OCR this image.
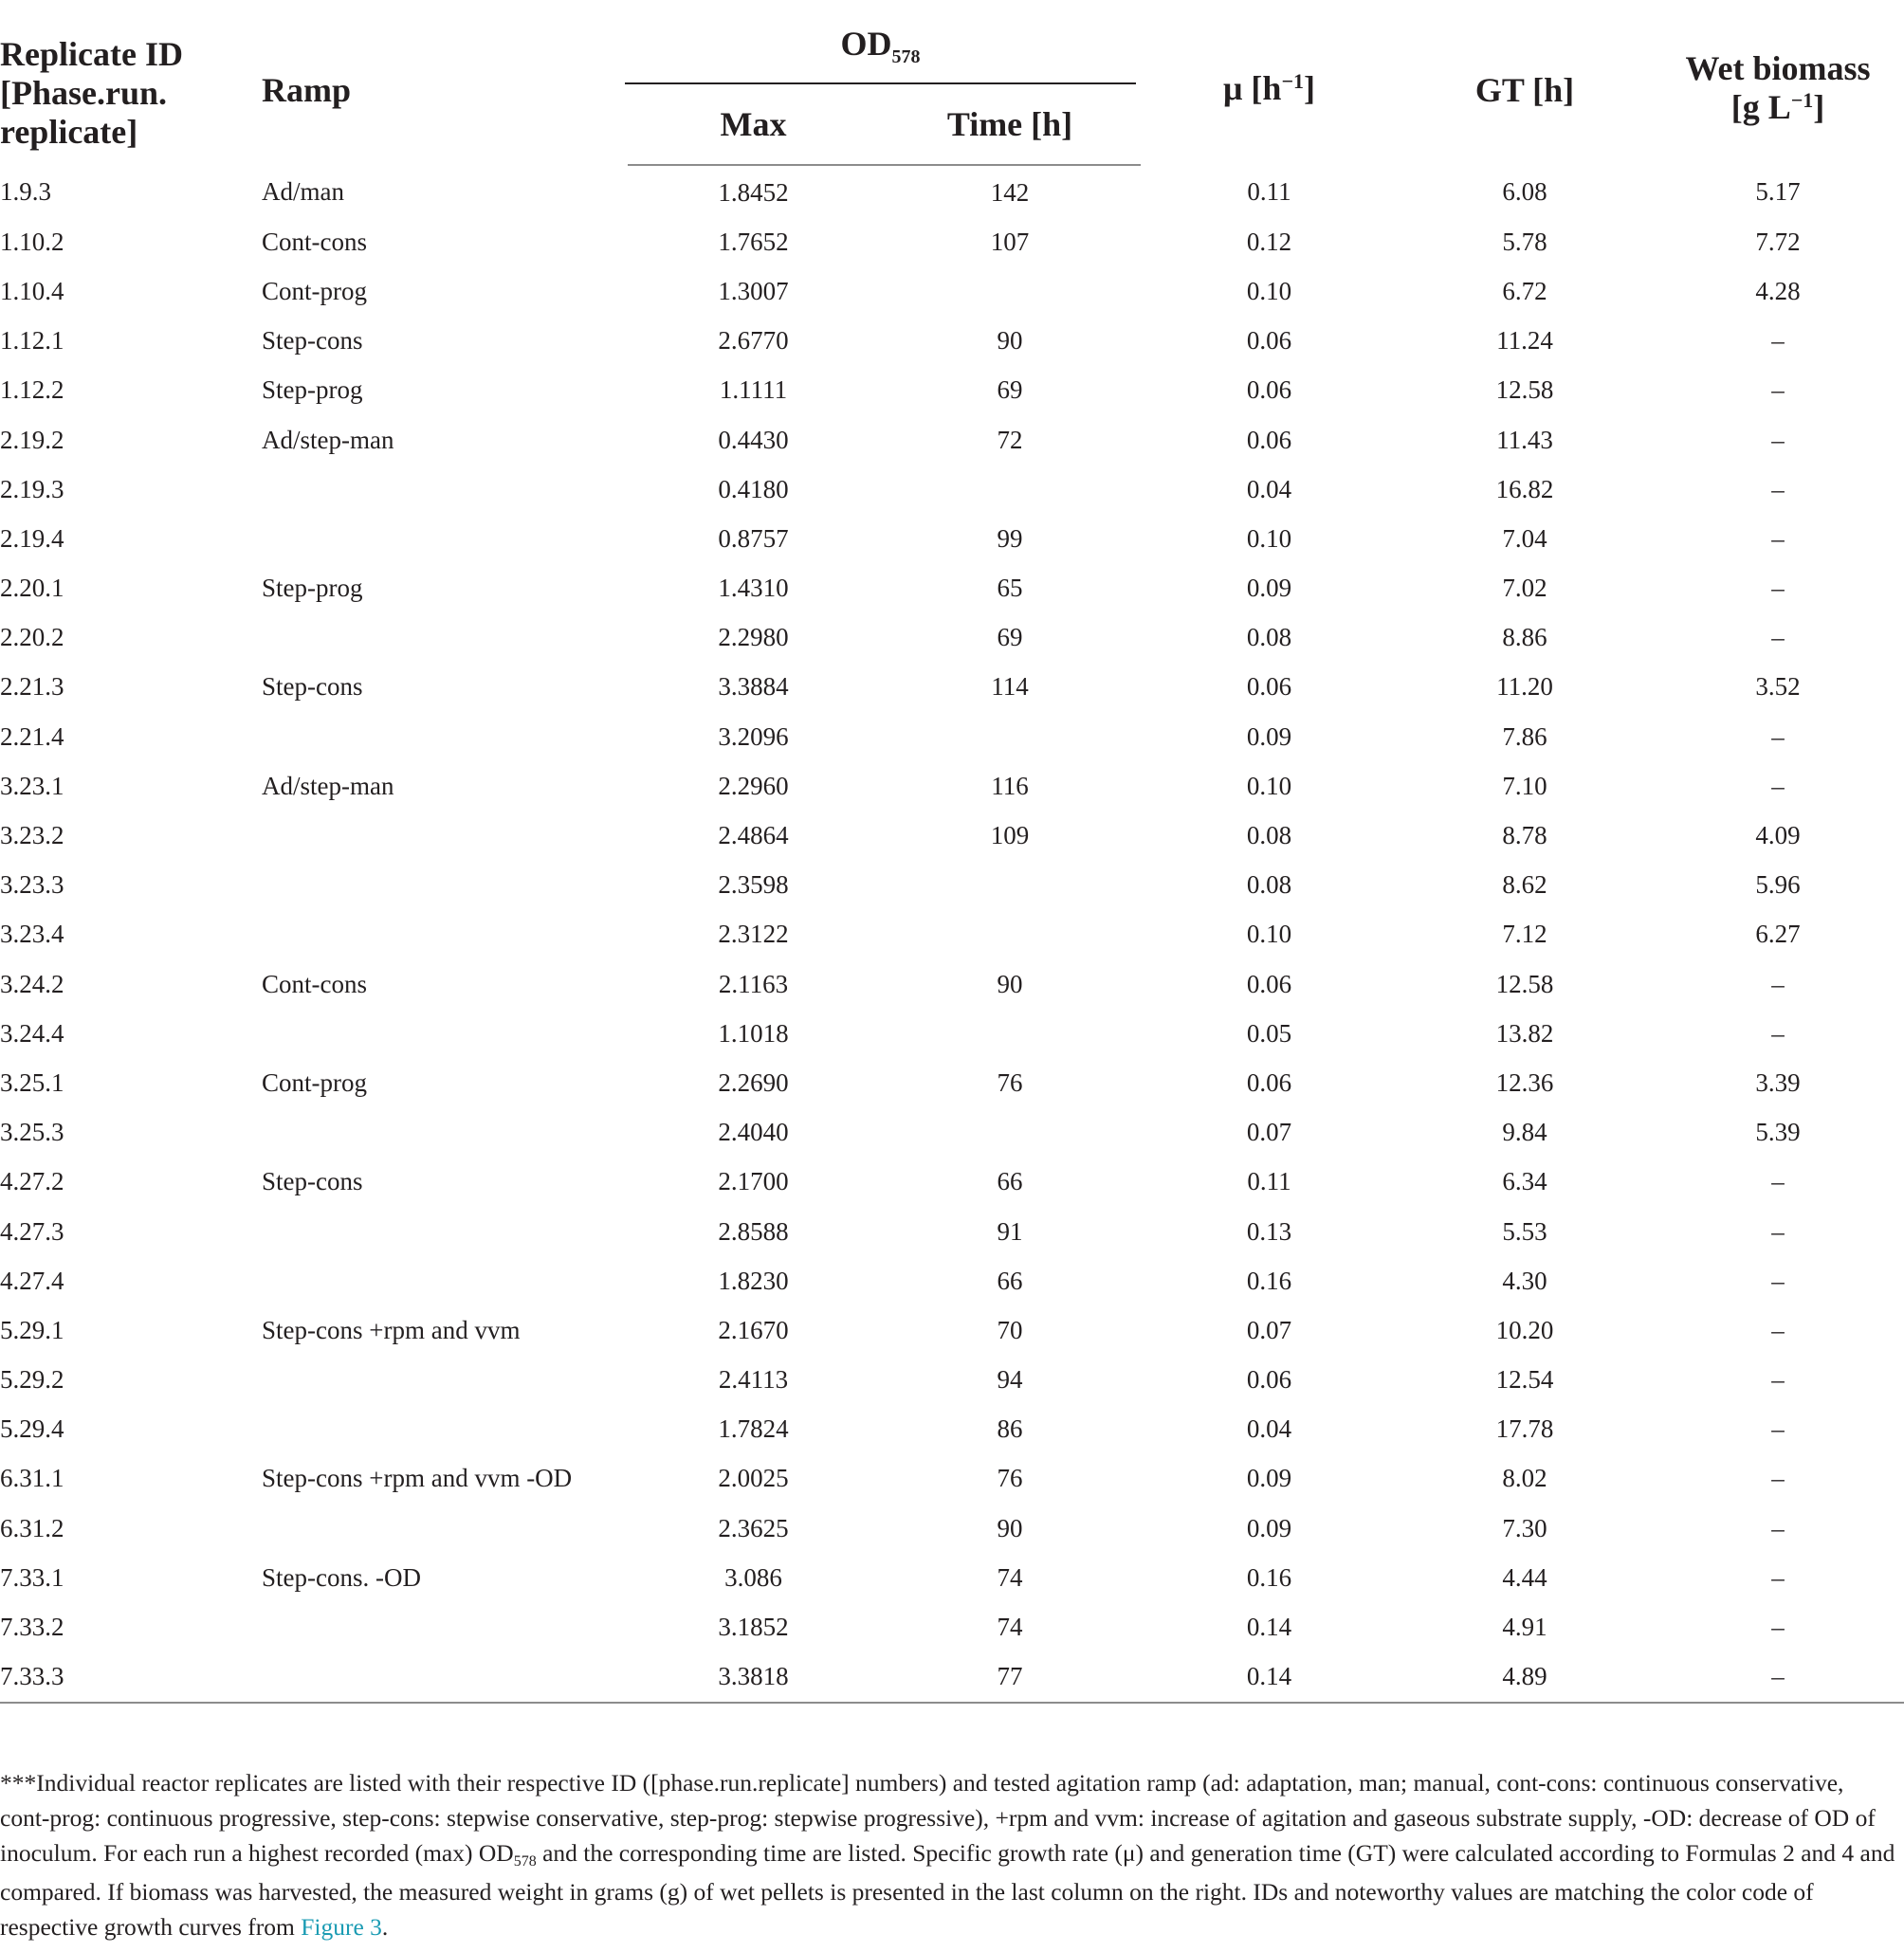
Replicate ID [Phase.run. replicate]	Ramp	$OD_{578}$		μ $[h^{-1}]$	GT [h]	Wet biomass
[g $L^{-1}$]

		Max	Time [h]			
1.9.3	Ad/man	1.8452	142	0.11	6.08	5.17
1.10.2	Cont-cons	1.7652	107	0.12	5.78	7.72
1.10.4	Cont-prog	1.3007		0.10	6.72	4.28
1.12.1	Step-cons	2.6770	90	0.06	11.24	–
1.12.2	Step-prog	1.1111	69	0.06	12.58	–
2.19.2	Ad/step-man	0.4430	72	0.06	11.43	–
2.19.3		0.4180		0.04	16.82	–
2.19.4		0.8757	99	0.10	7.04	–
2.20.1	Step-prog	1.4310	65	0.09	7.02	–
2.20.2		2.2980	69	0.08	8.86	–
2.21.3	Step-cons	3.3884	114	0.06	11.20	3.52
2.21.4		3.2096		0.09	7.86	–
3.23.1	Ad/step-man	2.2960	116	0.10	7.10	–
3.23.2		2.4864	109	0.08	8.78	4.09
3.23.3		2.3598		0.08	8.62	5.96
3.23.4		2.3122		0.10	7.12	6.27
3.24.2	Cont-cons	2.1163	90	0.06	12.58	–
3.24.4		1.1018		0.05	13.82	–
3.25.1	Cont-prog	2.2690	76	0.06	12.36	3.39
3.25.3		2.4040		0.07	9.84	5.39
4.27.2	Step-cons	2.1700	66	0.11	6.34	–
4.27.3		2.8588	91	0.13	5.53	–
4.27.4		1.8230	66	0.16	4.30	–
5.29.1	Step-cons +rpm and vvm	2.1670	70	0.07	10.20	–
5.29.2		2.4113	94	0.06	12.54	–
5.29.4		1.7824	86	0.04	17.78	–
6.31.1	Step-cons +rpm and vvm -OD	2.0025	76	0.09	8.02	–
6.31.2		2.3625	90	0.09	7.30	–
7.33.1	Step-cons. -OD	3.086	74	0.16	4.44	–
7.33.2		3.1852	74	0.14	4.91	–
7.33.3		3.3818	77	0.14	4.89	–
***Individual reactor replicates are listed with their respective ID ([phase.run.replicate] numbers) and tested agitation ramp (ad: adaptation, man; manual, cont-cons: continuous conservative, cont-prog: continuous progressive, step-cons: stepwise conservative, step-prog: stepwise progressive), +rpm and vvm: increase of agitation and gaseous substrate supply, -OD: decrease of OD of inoculum. For each run a highest recorded (max) $OD_{578}$ and the corresponding time are listed. Specific growth rate (μ) and generation time (GT) were calculated according to Formulas 2 and 4 and compared. If biomass was harvested, the measured weight in grams (g) of wet pellets is presented in the last column on the right. IDs and noteworthy values are matching the color code of respective growth curves from Figure 3.
